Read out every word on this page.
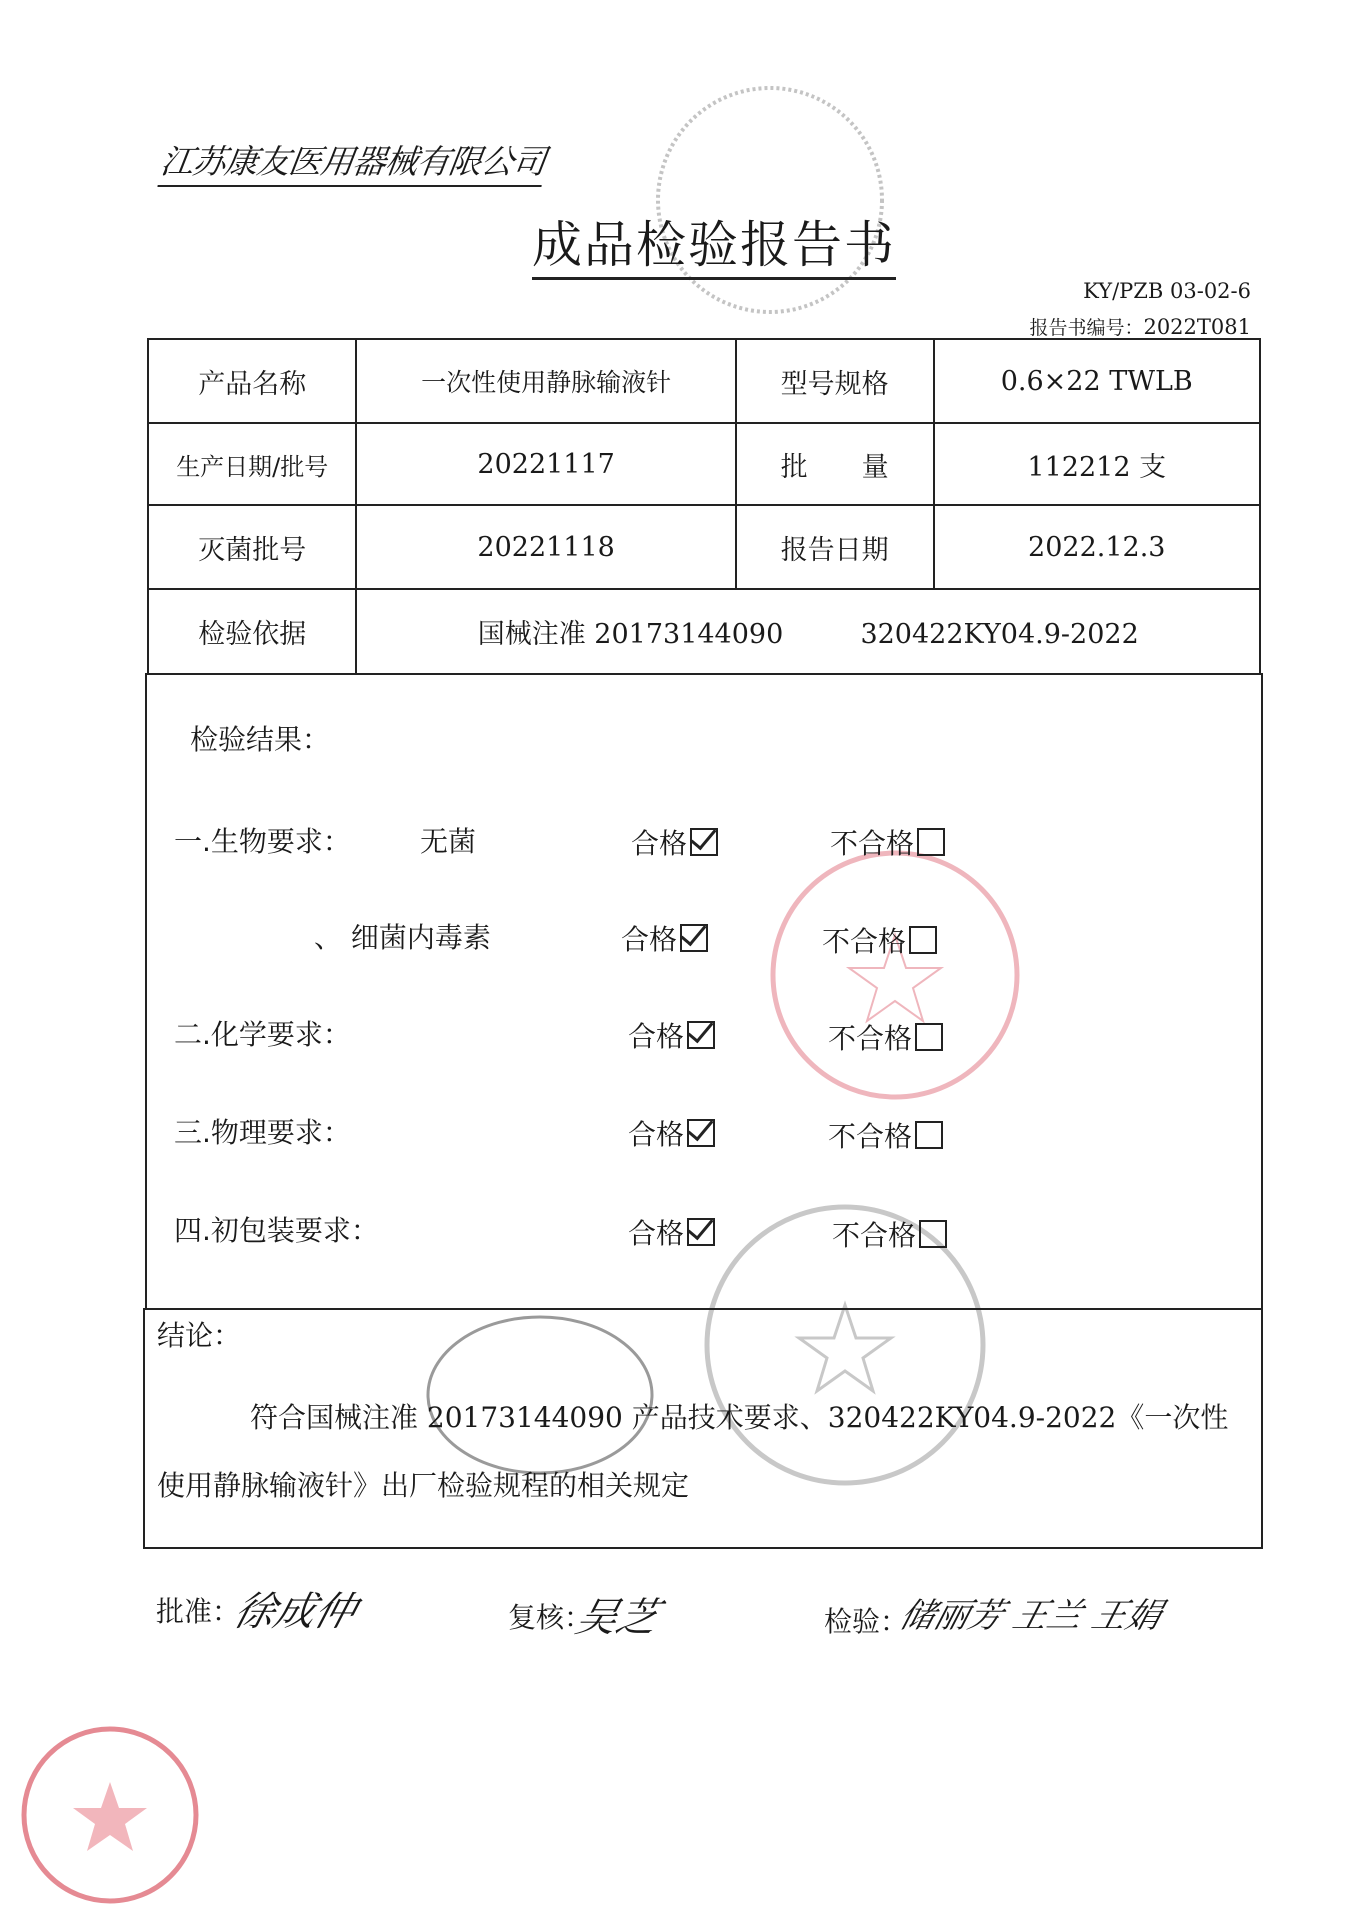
江苏康友医用器械有限公司
成品检验报告书
KY/PZB 03-02-6
报告书编号：2022T081
产品名称	一次性使用静脉输液针	型号规格	0.6×22 TWLB
生产日期/批号	20221117	批　　量	112212 支
灭菌批号	20221118	报告日期	2022.12.3
检验依据	国械注准 20173144090 320422KY04.9-2022		
检验结果：
一.生物要求： 无菌	合格	不合格
、 细菌内毒素	合格	不合格
二.化学要求：	合格	不合格
三.物理要求：	合格	不合格
四.初包装要求：	合格	不合格
结论：
符合国械注准 20173144090 产品技术要求、320422KY04.9-2022《一次性
使用静脉输液针》出厂检验规程的相关规定
批准：
徐成仲	复核：
吴芝	检验：
储丽芳 王兰 王娟
